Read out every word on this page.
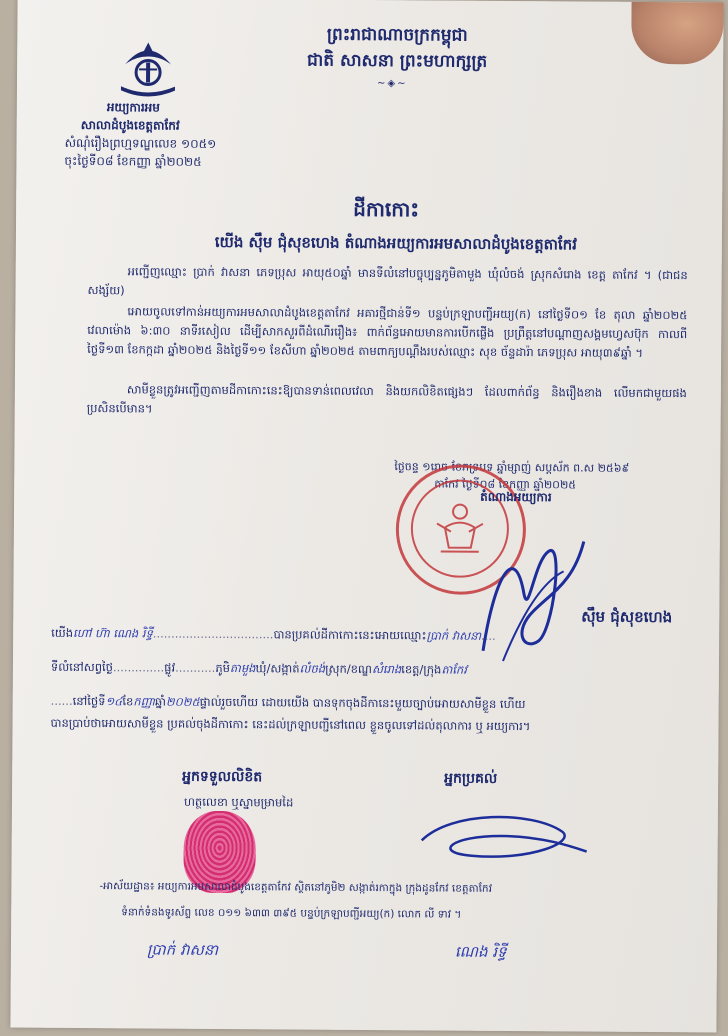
អយ្យការអម
សាលាដំបូងខេត្តតាកែវ
សំណុំរឿងព្រហ្មទណ្ឌលេខ ១០៥១
ចុះថ្ងៃទី០៨ ខែកញ្ញា ឆ្នាំ២០២៥
ព្រះរាជាណាចក្រកម្ពុជា
ជាតិ សាសនា ព្រះមហាក្សត្រ
~◈~
ដីកាកោះ
យើង ស៊ឹម ជុំសុខហេង តំណាងអយ្យការអមសាលាដំបូងខេត្តតាកែវ
អញ្ជើញឈ្មោះ ប្រាក់ វាសនា ភេទប្រុស អាយុ៥០ឆ្នាំ មានទីលំនៅបច្ចុប្បន្នភូមិតាមួង ឃុំលំចង់ ស្រុកសំរោង ខេត្ត តាកែវ ។ (ជាជនសង្ស័យ)
អោយចូលទៅកាន់អយ្យការអមសាលាដំបូងខេត្តតាកែវ អគារថ្មីជាន់ទី១ បន្ទប់ក្រឡាបញ្ជីអយ្យ(ក) នៅថ្ងៃទី០១ ខែ តុលា ឆ្នាំ២០២៥ វេលាម៉ោង ៦:៣០ នាទីរសៀល ដើម្បីសាកសួរពីដំណើររឿង៖ ពាក់ព័ន្ធអោយមានការបើកផ្លើង ប្រព្រឹត្តនៅបណ្តាញសង្គមហ្វេសប៊ុក កាលពីថ្ងៃទី១៣ ខែកក្កដា ឆ្នាំ២០២៥ និងថ្ងៃទី១១ ខែសីហា ឆ្នាំ២០២៥ តាមពាក្យបណ្តឹងរបស់ឈ្មោះ សុខ ច័ន្ទដារ៉ា ភេទប្រុស អាយុ៣៩ឆ្នាំ ។
សាមីខ្លួនត្រូវអញ្ជើញតាមដីកាកោះនេះឱ្យបានទាន់ពេលវេលា និងយកលិខិតផ្សេងៗ ដែលពាក់ព័ន្ធ និងរឿងខាង លើមកជាមួយផងប្រសិនបើមាន។
ថ្ងៃចន្ទ ១រោច ខែភទ្របទ ឆ្នាំម្សាញ់ សប្តស័ក ព.ស ២៥៦៩
តាកែវ ថ្ងៃទី០៨ ខែកញ្ញា ឆ្នាំ២០២៥
តំណាងអយ្យការ
ស៊ឹម ជុំសុខហេង
យើងហៅ ហ៊ា ណេង រិទ្ធី.................................បានប្រគល់ដីកាកោះនេះអោយឈ្មោះប្រាក់ វាសនា....
ទីលំនៅសព្វថ្ងៃ..............ផ្លូវ...........ភូមិតាមួងឃុំ/សង្កាត់លំចង់ស្រុក/ខណ្ឌសំរោងខេត្ត/ក្រុងតាកែវ
......នៅថ្ងៃទី១៤ខែកញ្ញាឆ្នាំ២០២៥ផ្ទាល់រួចហើយ ដោយយើង បានទុកចុងដីកានេះមួយច្បាប់អោយសាមីខ្លួន ហើយ
បានប្រាប់ថាអោយសាមីខ្លួន ប្រគល់ចុងដីកាកោះ នេះដល់ក្រឡាបញ្ជីនៅពេល ខ្លួនចូលទៅដល់តុលាការ ឬ អយ្យការ។
អ្នកទទួលលិខិត
ហត្ថលេខា ឬស្នាមម្រាមដៃ
អ្នកប្រគល់
-អាស័យដ្ឋាន៖ អយ្យការអមសាលាដំបូងខេត្តតាកែវ ស្ថិតនៅភូមិ២ សង្កាត់រកាក្នុង ក្រុងដូនកែវ ខេត្តតាកែវ
ទំនាក់ទំនងទូរស័ព្ទ លេខ ០១១ ៦៣៣ ៣៩៥ បន្ទប់ក្រឡាបញ្ជីអយ្យ(ក) លោក លី ទាវ ។
ប្រាក់ វាសនា	ណេង រិទ្ធី
